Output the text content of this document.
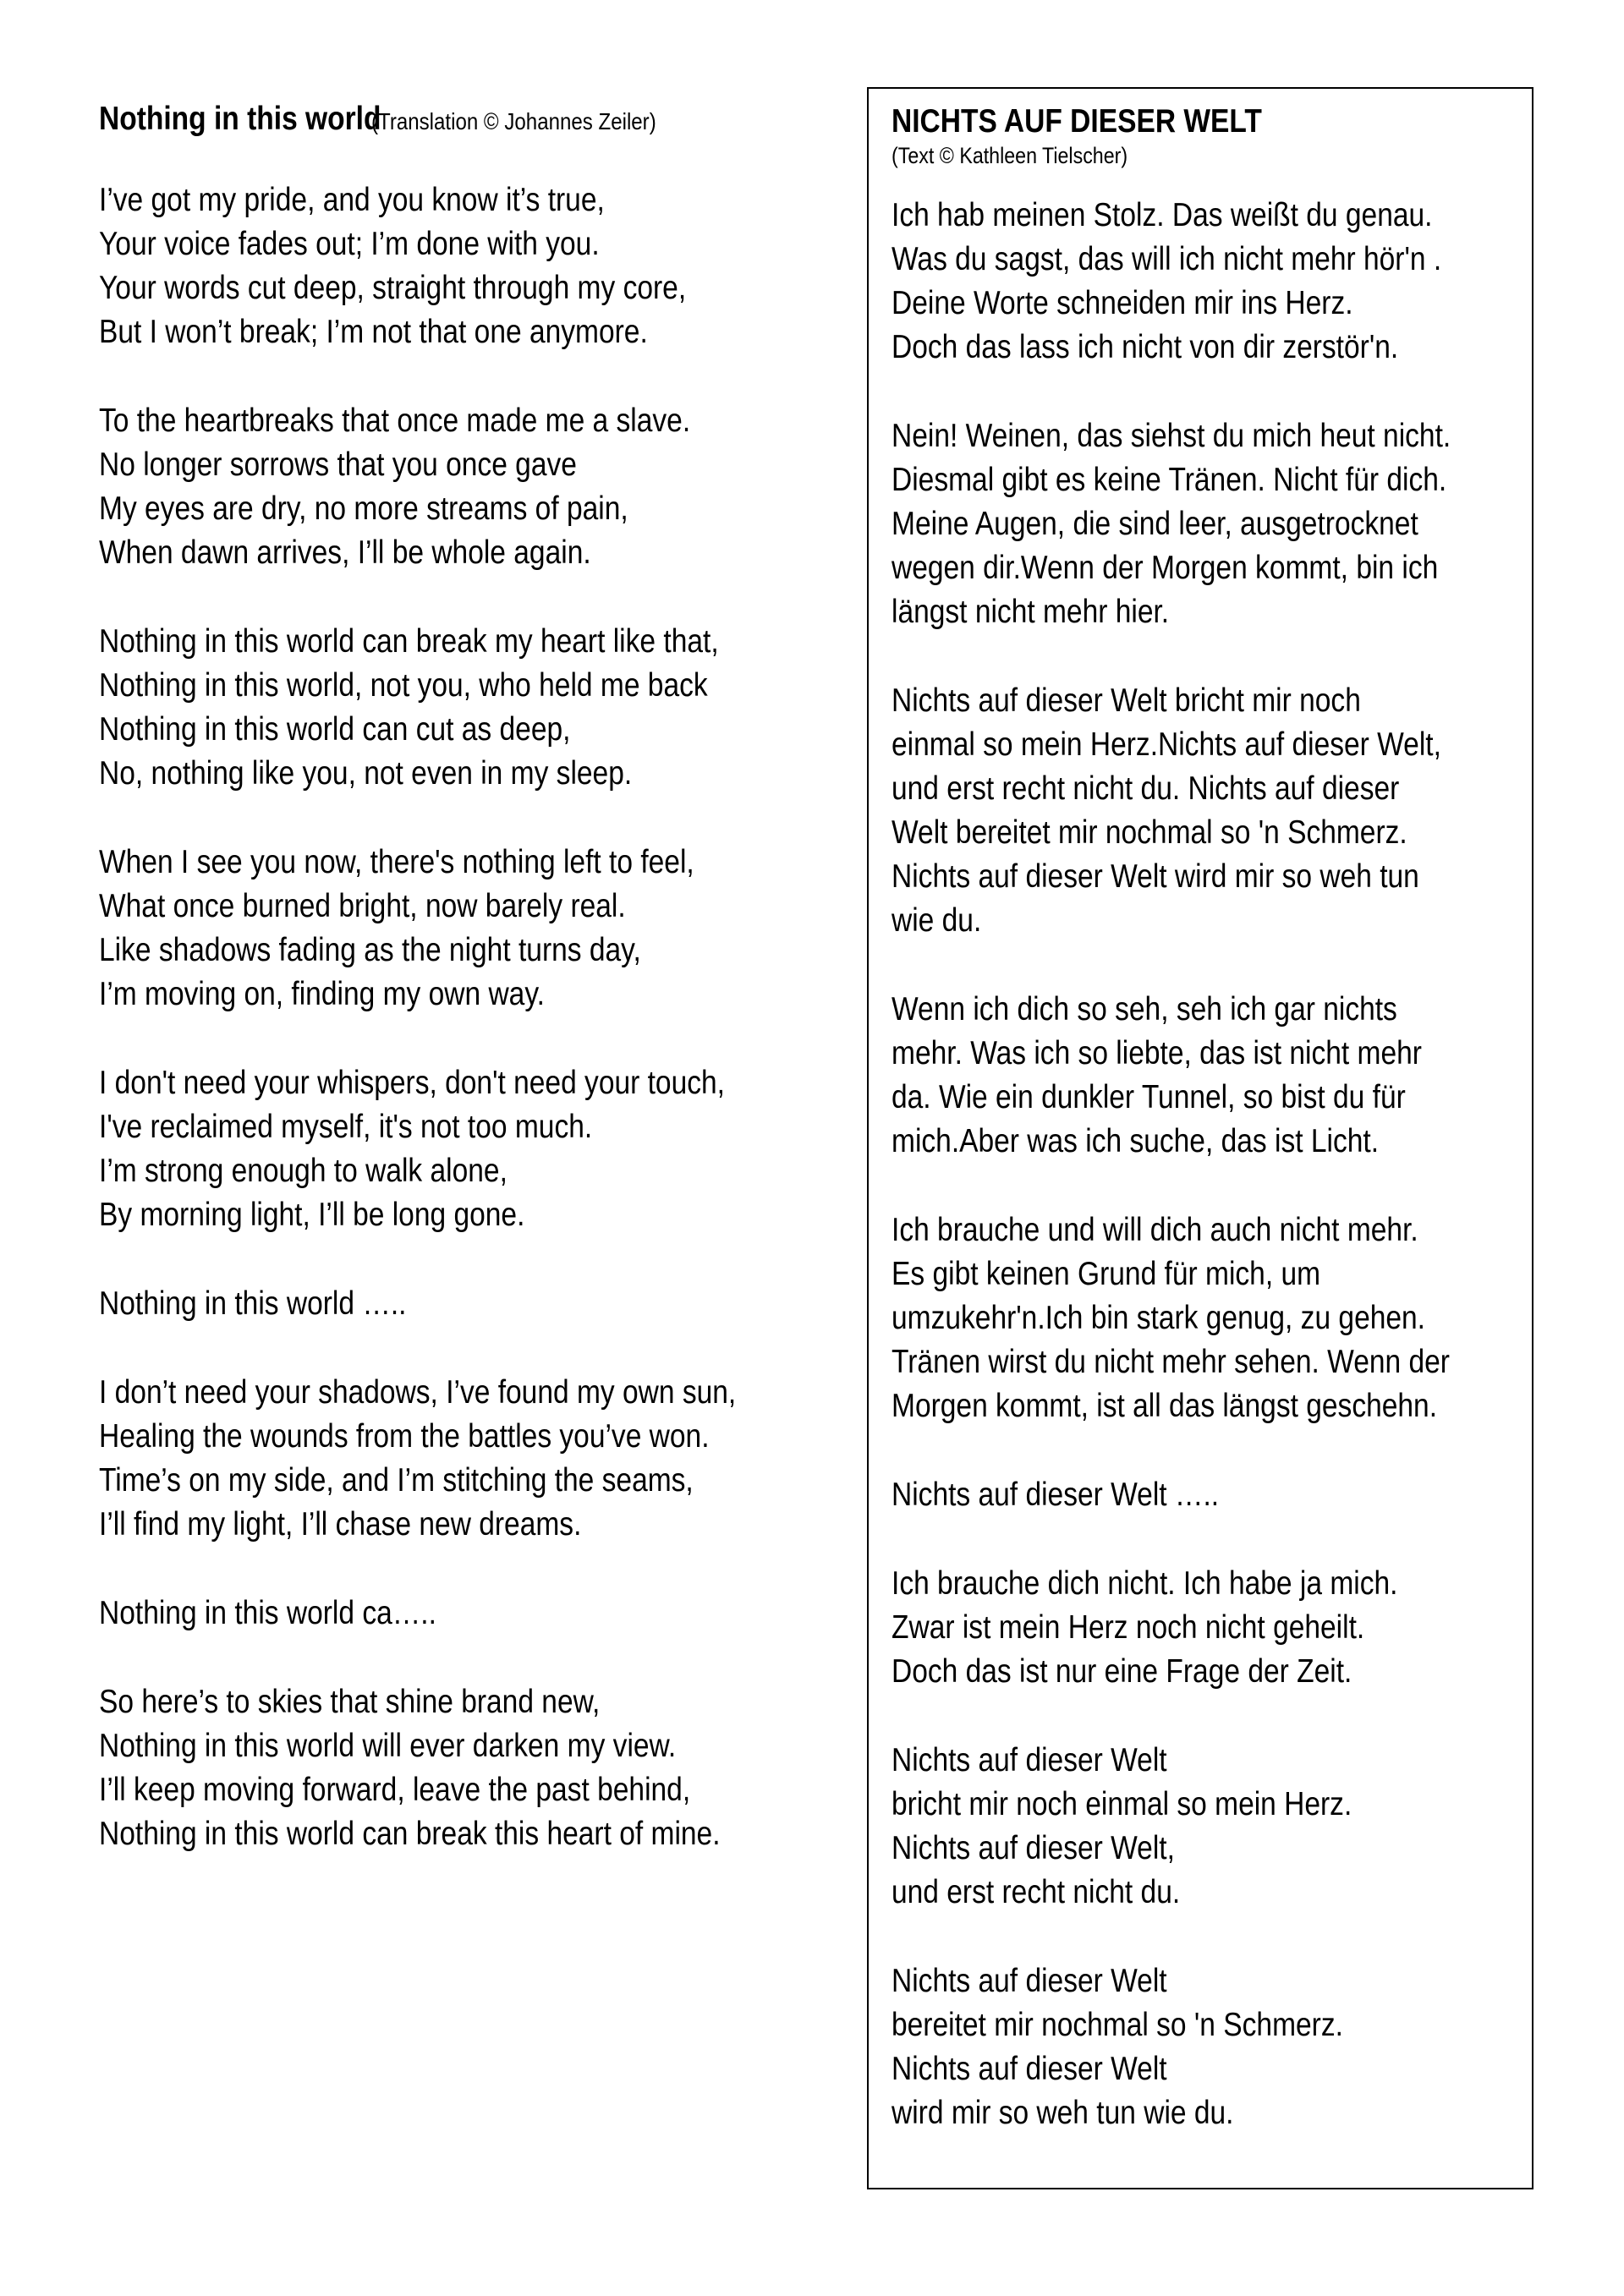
Nothing in this world (Translation © Johannes Zeiler)
I’ve got my pride, and you know it’s true,
Your voice fades out; I’m done with you.
Your words cut deep, straight through my core,
But I won’t break; I’m not that one anymore.
To the heartbreaks that once made me a slave.
No longer sorrows that you once gave
My eyes are dry, no more streams of pain,
When dawn arrives, I’ll be whole again.
Nothing in this world can break my heart like that,
Nothing in this world, not you, who held me back
Nothing in this world can cut as deep,
No, nothing like you, not even in my sleep.
When I see you now, there's nothing left to feel,
What once burned bright, now barely real.
Like shadows fading as the night turns day,
I’m moving on, finding my own way.
I don't need your whispers, don't need your touch,
I've reclaimed myself, it's not too much.
I’m strong enough to walk alone,
By morning light, I’ll be long gone.
Nothing in this world …..
I don’t need your shadows, I’ve found my own sun,
Healing the wounds from the battles you’ve won.
Time’s on my side, and I’m stitching the seams,
I’ll find my light, I’ll chase new dreams.
Nothing in this world ca…..
So here’s to skies that shine brand new,
Nothing in this world will ever darken my view.
I’ll keep moving forward, leave the past behind,
Nothing in this world can break this heart of mine.
NICHTS AUF DIESER WELT
(Text © Kathleen Tielscher)
Ich hab meinen Stolz. Das weißt du genau.
Was du sagst, das will ich nicht mehr hör'n .
Deine Worte schneiden mir ins Herz.
Doch das lass ich nicht von dir zerstör'n.
Nein! Weinen, das siehst du mich heut nicht.
Diesmal gibt es keine Tränen. Nicht für dich.
Meine Augen, die sind leer, ausgetrocknet
wegen dir.Wenn der Morgen kommt, bin ich
längst nicht mehr hier.
Nichts auf dieser Welt bricht mir noch
einmal so mein Herz.Nichts auf dieser Welt,
und erst recht nicht du. Nichts auf dieser
Welt bereitet mir nochmal so 'n Schmerz.
Nichts auf dieser Welt wird mir so weh tun
wie du.
Wenn ich dich so seh, seh ich gar nichts
mehr. Was ich so liebte, das ist nicht mehr
da. Wie ein dunkler Tunnel, so bist du für
mich.Aber was ich suche, das ist Licht.
Ich brauche und will dich auch nicht mehr.
Es gibt keinen Grund für mich, um
umzukehr'n.Ich bin stark genug, zu gehen.
Tränen wirst du nicht mehr sehen. Wenn der
Morgen kommt, ist all das längst geschehn.
Nichts auf dieser Welt …..
Ich brauche dich nicht. Ich habe ja mich.
Zwar ist mein Herz noch nicht geheilt.
Doch das ist nur eine Frage der Zeit.
Nichts auf dieser Welt
bricht mir noch einmal so mein Herz.
Nichts auf dieser Welt,
und erst recht nicht du.
Nichts auf dieser Welt
bereitet mir nochmal so 'n Schmerz.
Nichts auf dieser Welt
wird mir so weh tun wie du.
